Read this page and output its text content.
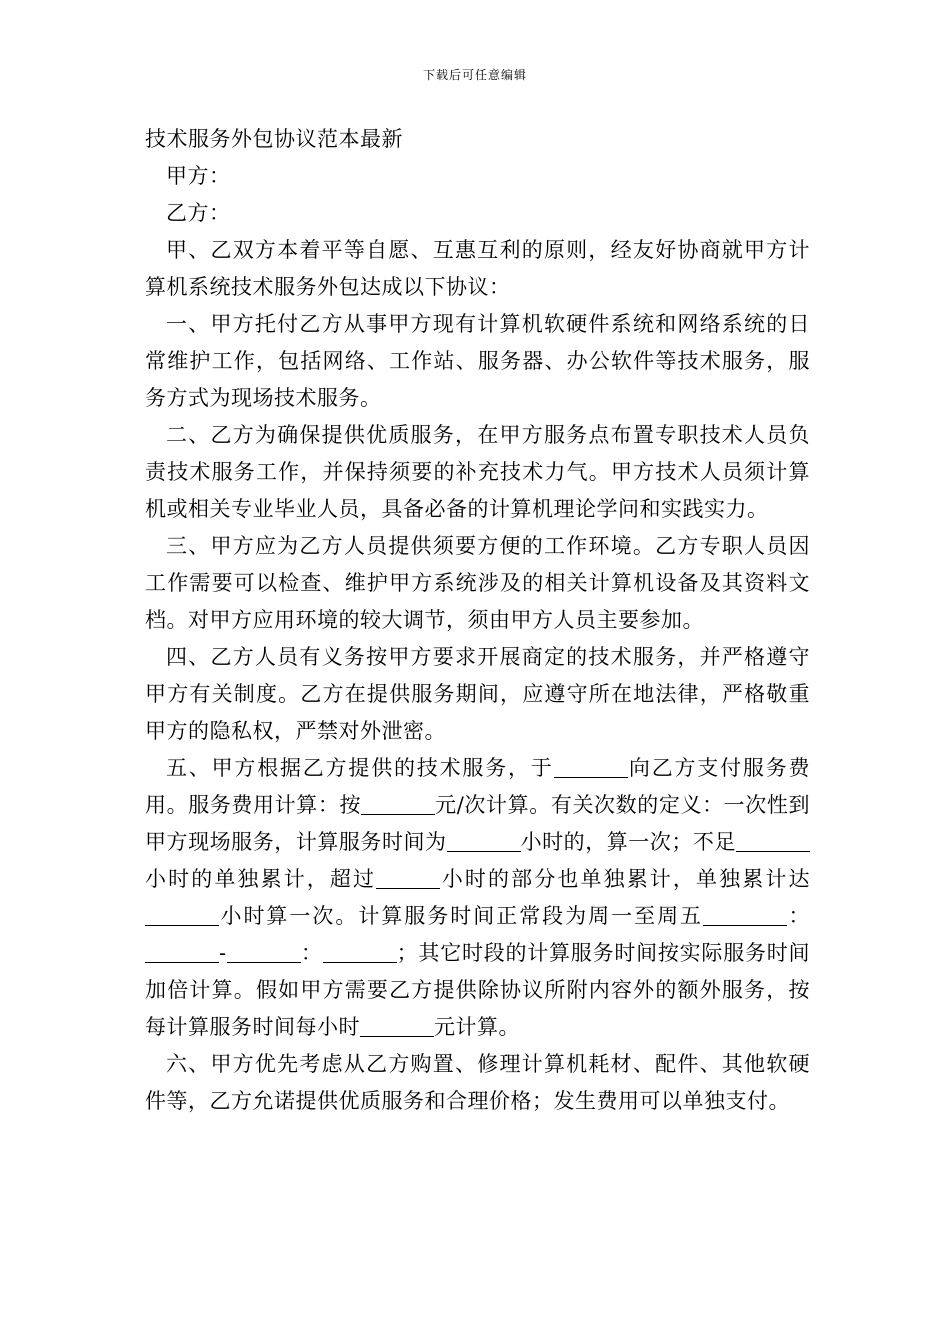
下载后可任意编辑

技术服务外包协议范本最新

甲方：

乙方：

甲、乙双方本着平等自愿、互惠互利的原则，经友好协商就甲方计算机系统技术服务外包达成以下协议：

一、甲方托付乙方从事甲方现有计算机软硬件系统和网络系统的日常维护工作，包括网络、工作站、服务器、办公软件等技术服务，服务方式为现场技术服务。

二、乙方为确保提供优质服务，在甲方服务点布置专职技术人员负责技术服务工作，并保持须要的补充技术力气。甲方技术人员须计算机或相关专业毕业人员，具备必备的计算机理论学问和实践实力。

三、甲方应为乙方人员提供须要方便的工作环境。乙方专职人员因工作需要可以检查、维护甲方系统涉及的相关计算机设备及其资料文档。对甲方应用环境的较大调节，须由甲方人员主要参加。

四、乙方人员有义务按甲方要求开展商定的技术服务，并严格遵守甲方有关制度。乙方在提供服务期间，应遵守所在地法律，严格敬重甲方的隐私权，严禁对外泄密。

五、甲方根据乙方提供的技术服务，于	向乙方支付服务费用。服务费用计算：按	元/次计算。有关次数的定义：一次性到甲方现场服务，计算服务时间为	小时的，算一次；不足小时的单独累计，超过	小时的部分也单独累计，单独累计达小时算一次。计算服务时间正常段为周一至周五	：-	：	；其它时段的计算服务时间按实际服务时间加倍计算。假如甲方需要乙方提供除协议所附内容外的额外服务，按每计算服务时间每小时	元计算。

六、甲方优先考虑从乙方购置、修理计算机耗材、配件、其他软硬件等，乙方允诺提供优质服务和合理价格；发生费用可以单独支付。
